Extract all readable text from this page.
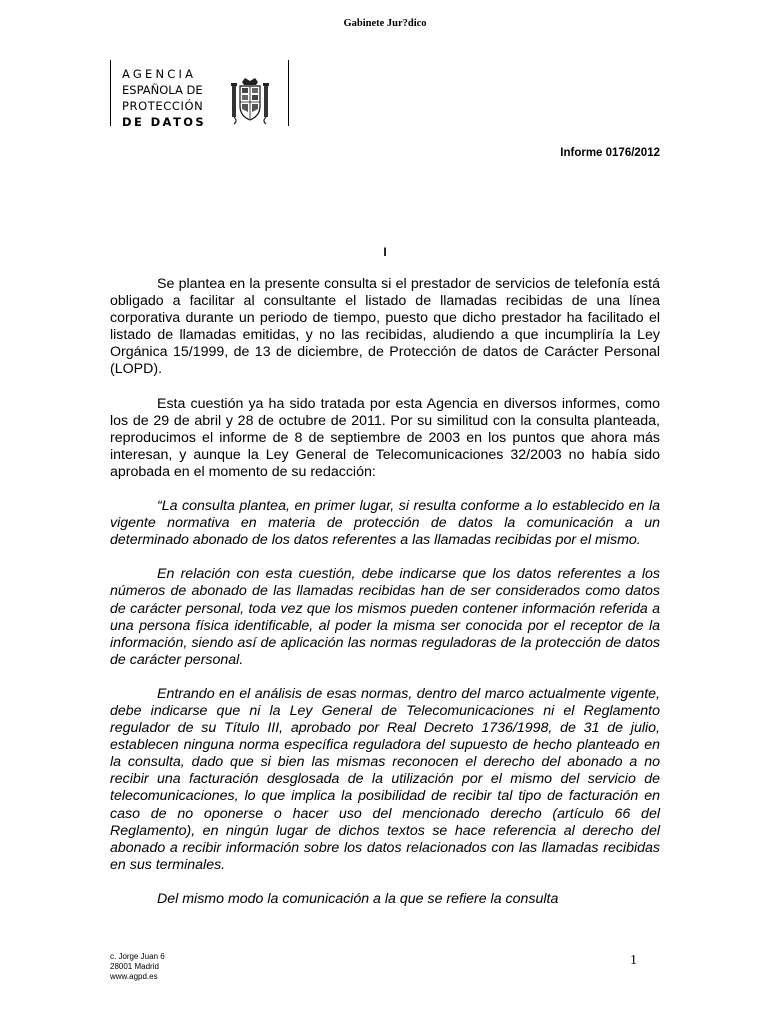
Gabinete Jur?dico
AGENCIA
ESPAÑOLA DE
PROTECCIÓN
DE DATOS
Informe 0176/2012
I

Se plantea en la presente consulta si el prestador de servicios de telefonía está obligado a facilitar al consultante el listado de llamadas recibidas de una línea corporativa durante un periodo de tiempo, puesto que dicho prestador ha facilitado el listado de llamadas emitidas, y no las recibidas, aludiendo a que incumpliría la Ley Orgánica 15/1999, de 13 de diciembre, de Protección de datos de Carácter Personal (LOPD).

Esta cuestión ya ha sido tratada por esta Agencia en diversos informes, como los de 29 de abril y 28 de octubre de 2011. Por su similitud con la consulta planteada, reproducimos el informe de 8 de septiembre de 2003 en los puntos que ahora más interesan, y aunque la Ley General de Telecomunicaciones 32/2003 no había sido aprobada en el momento de su redacción:

“La consulta plantea, en primer lugar, si resulta conforme a lo establecido en la vigente normativa en materia de protección de datos la comunicación a un determinado abonado de los datos referentes a las llamadas recibidas por el mismo.

En relación con esta cuestión, debe indicarse que los datos referentes a los números de abonado de las llamadas recibidas han de ser considerados como datos de carácter personal, toda vez que los mismos pueden contener información referida a una persona física identificable, al poder la misma ser conocida por el receptor de la información, siendo así de aplicación las normas reguladoras de la protección de datos de carácter personal.

Entrando en el análisis de esas normas, dentro del marco actualmente vigente, debe indicarse que ni la Ley General de Telecomunicaciones ni el Reglamento regulador de su Título III, aprobado por Real Decreto 1736/1998, de 31 de julio, establecen ninguna norma específica reguladora del supuesto de hecho planteado en la consulta, dado que si bien las mismas reconocen el derecho del abonado a no recibir una facturación desglosada de la utilización por el mismo del servicio de telecomunicaciones, lo que implica la posibilidad de recibir tal tipo de facturación en caso de no oponerse o hacer uso del mencionado derecho (artículo 66 del Reglamento), en ningún lugar de dichos textos se hace referencia al derecho del abonado a recibir información sobre los datos relacionados con las llamadas recibidas en sus terminales.

Del mismo modo la comunicación a la que se refiere la consulta

c. Jorge Juan 6
28001 Madrid
www.agpd.es
1
